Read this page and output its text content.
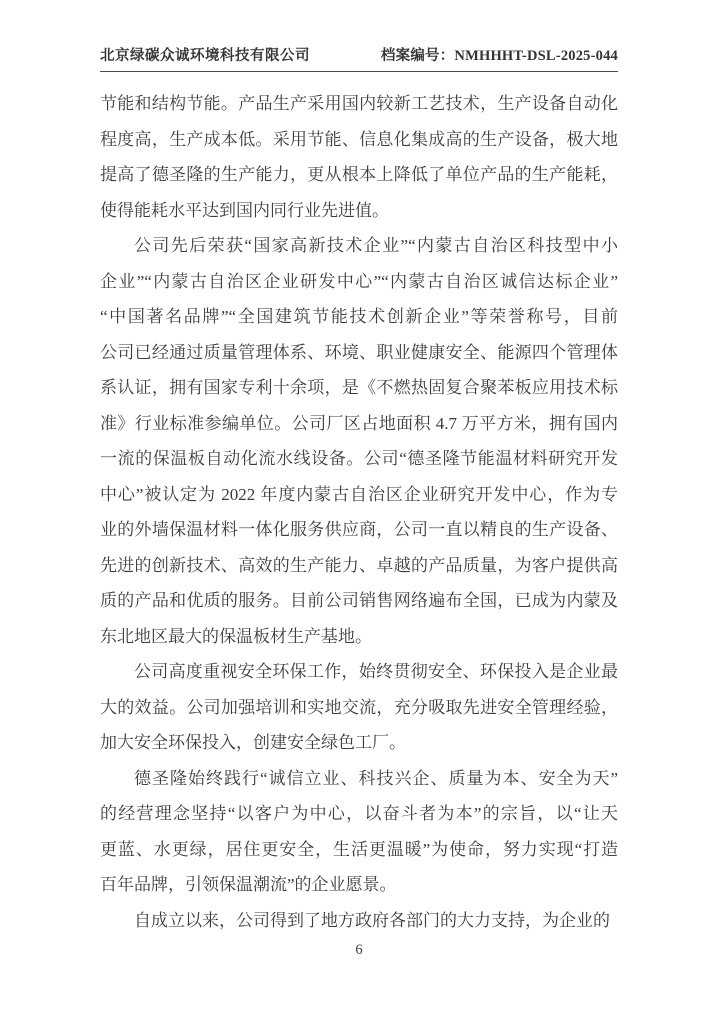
北京绿碳众诚环境科技有限公司	档案编号：NMHHHT-DSL-2025-044
节能和结构节能。产品生产采用国内较新工艺技术，生产设备自动化
程度高，生产成本低。采用节能、信息化集成高的生产设备，极大地
提高了德圣隆的生产能力，更从根本上降低了单位产品的生产能耗，
使得能耗水平达到国内同行业先进值。
公司先后荣获“国家高新技术企业”“内蒙古自治区科技型中小
企业”“内蒙古自治区企业研发中心”“内蒙古自治区诚信达标企业”
“中国著名品牌”“全国建筑节能技术创新企业”等荣誉称号，目前
公司已经通过质量管理体系、环境、职业健康安全、能源四个管理体
系认证，拥有国家专利十余项，是《不燃热固复合聚苯板应用技术标
准》行业标准参编单位。公司厂区占地面积 4.7 万平方米，拥有国内
一流的保温板自动化流水线设备。公司“德圣隆节能温材料研究开发
中心”被认定为 2022 年度内蒙古自治区企业研究开发中心，作为专
业的外墙保温材料一体化服务供应商，公司一直以精良的生产设备、
先进的创新技术、高效的生产能力、卓越的产品质量，为客户提供高
质的产品和优质的服务。目前公司销售网络遍布全国，已成为内蒙及
东北地区最大的保温板材生产基地。
公司高度重视安全环保工作，始终贯彻安全、环保投入是企业最
大的效益。公司加强培训和实地交流，充分吸取先进安全管理经验，
加大安全环保投入，创建安全绿色工厂。
德圣隆始终践行“诚信立业、科技兴企、质量为本、安全为天”
的经营理念坚持“以客户为中心，以奋斗者为本”的宗旨，以“让天
更蓝、水更绿，居住更安全，生活更温暖”为使命，努力实现“打造
百年品牌，引领保温潮流”的企业愿景。
自成立以来，公司得到了地方政府各部门的大力支持，为企业的
6
